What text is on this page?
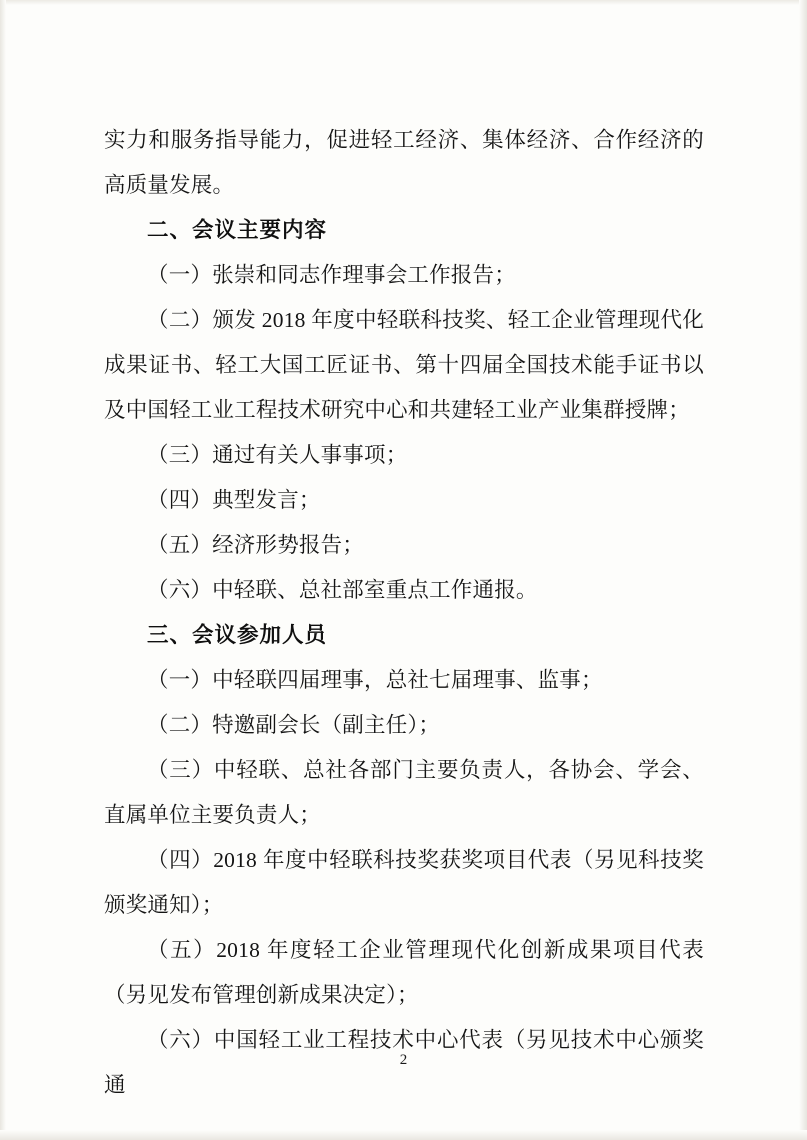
实力和服务指导能力，促进轻工经济、集体经济、合作经济的高质量发展。

二、会议主要内容

（一）张崇和同志作理事会工作报告；

（二）颁发 2018 年度中轻联科技奖、轻工企业管理现代化成果证书、轻工大国工匠证书、第十四届全国技术能手证书以及中国轻工业工程技术研究中心和共建轻工业产业集群授牌；

（三）通过有关人事事项；

（四）典型发言；

（五）经济形势报告；

（六）中轻联、总社部室重点工作通报。

三、会议参加人员

（一）中轻联四届理事，总社七届理事、监事；

（二）特邀副会长（副主任）；

（三）中轻联、总社各部门主要负责人，各协会、学会、直属单位主要负责人；

（四）2018 年度中轻联科技奖获奖项目代表（另见科技奖颁奖通知）；

（五）2018 年度轻工企业管理现代化创新成果项目代表（另见发布管理创新成果决定）；

（六）中国轻工业工程技术中心代表（另见技术中心颁奖通

2
